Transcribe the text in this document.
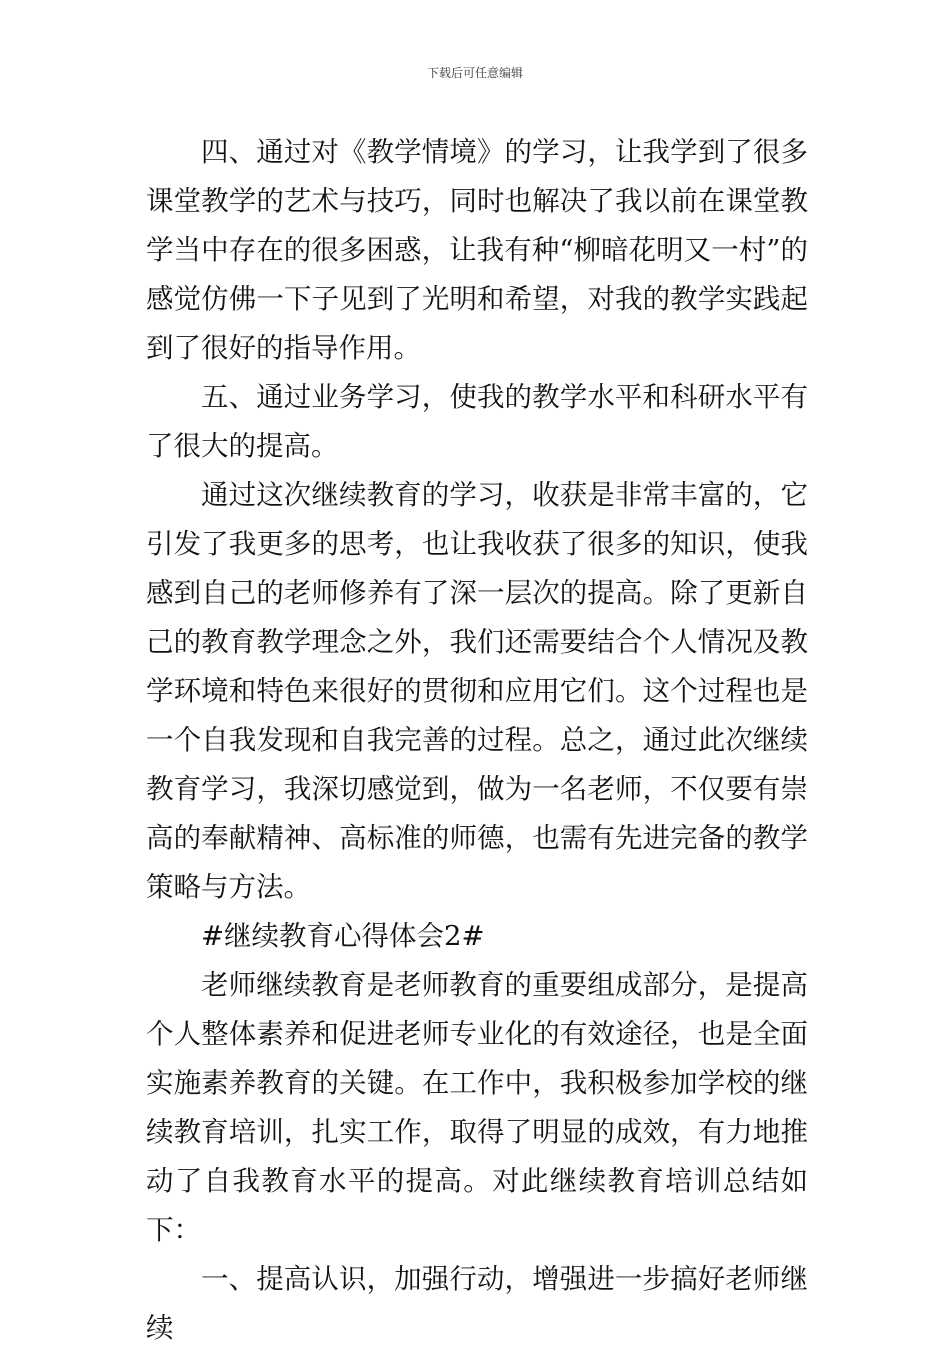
下载后可任意编辑

四、通过对《教学情境》的学习，让我学到了很多课堂教学的艺术与技巧，同时也解决了我以前在课堂教学当中存在的很多困惑，让我有种“柳暗花明又一村”的感觉仿佛一下子见到了光明和希望，对我的教学实践起到了很好的指导作用。

五、通过业务学习，使我的教学水平和科研水平有了很大的提高。

通过这次继续教育的学习，收获是非常丰富的，它引发了我更多的思考，也让我收获了很多的知识，使我感到自己的老师修养有了深一层次的提高。除了更新自己的教育教学理念之外，我们还需要结合个人情况及教学环境和特色来很好的贯彻和应用它们。这个过程也是一个自我发现和自我完善的过程。总之，通过此次继续教育学习，我深切感觉到，做为一名老师，不仅要有崇高的奉献精神、高标准的师德，也需有先进完备的教学策略与方法。

#继续教育心得体会2#

老师继续教育是老师教育的重要组成部分，是提高个人整体素养和促进老师专业化的有效途径，也是全面实施素养教育的关键。在工作中，我积极参加学校的继续教育培训，扎实工作，取得了明显的成效，有力地推动了自我教育水平的提高。对此继续教育培训总结如下：

一、提高认识，加强行动，增强进一步搞好老师继续
